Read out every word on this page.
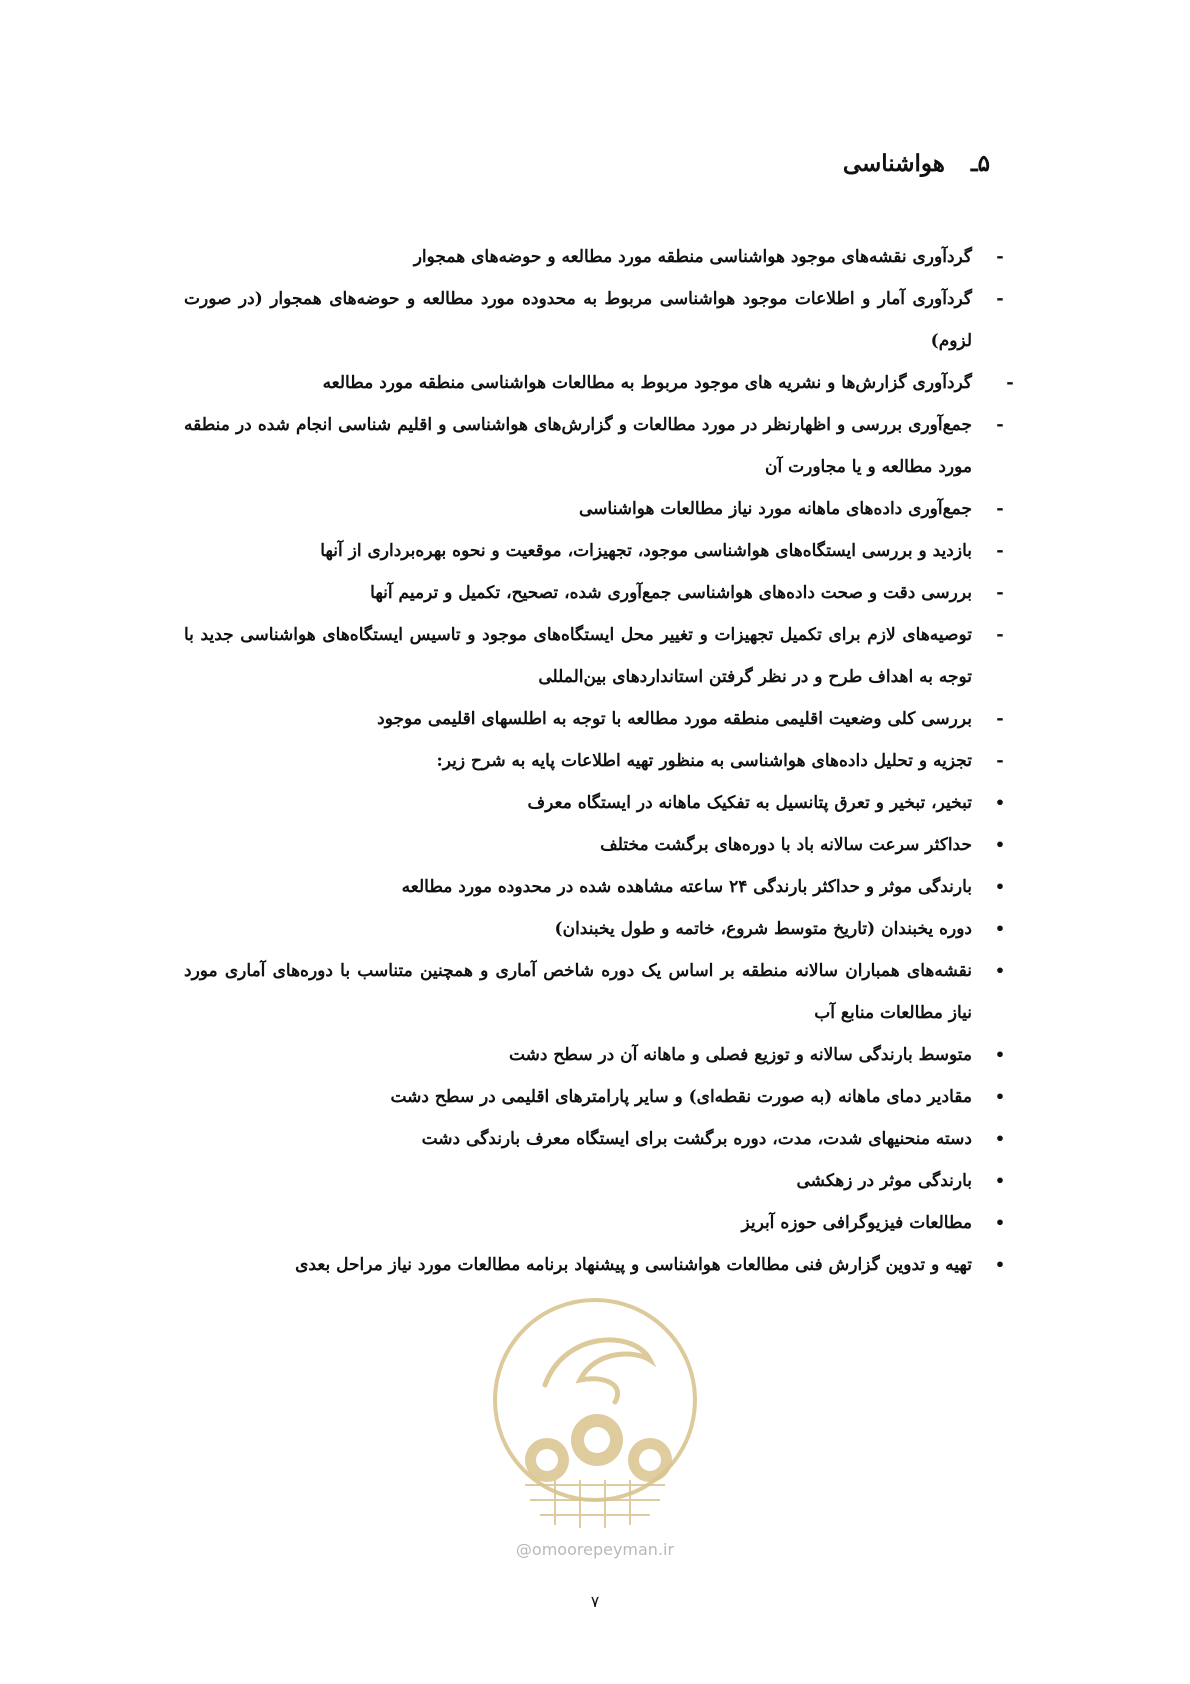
۵ـ
هواشناسی
-
گردآوری نقشه‌های موجود هواشناسی منطقه مورد مطالعه و حوضه‌های همجوار
-
گردآوری آمار و اطلاعات موجود هواشناسی مربوط به محدوده مورد مطالعه و حوضه‌های همجوار (در صورت لزوم)
-
گردآوری گزارش‌ها و نشریه های موجود مربوط به مطالعات هواشناسی منطقه مورد مطالعه
-
جمع‌آوری بررسی و اظهارنظر در مورد مطالعات و گزارش‌های هواشناسی و اقلیم شناسی انجام شده در منطقه مورد مطالعه و یا مجاورت آن
-
جمع‌آوری داده‌های ماهانه مورد نیاز مطالعات هواشناسی
-
بازدید و بررسی ایستگاه‌های هواشناسی موجود، تجهیزات، موقعیت و نحوه بهره‌برداری از آنها
-
بررسی دقت و صحت داده‌های هواشناسی جمع‌آوری شده، تصحیح، تکمیل و ترمیم آنها
-
توصیه‌های لازم برای تکمیل تجهیزات و تغییر محل ایستگاه‌های موجود و تاسیس ایستگاه‌های هواشناسی جدید با توجه به اهداف طرح و در نظر گرفتن استانداردهای بین‌المللی
-
بررسی کلی وضعیت اقلیمی منطقه مورد مطالعه با توجه به اطلسهای اقلیمی موجود
-
تجزیه و تحلیل داده‌های هواشناسی به منظور تهیه اطلاعات پایه به شرح زیر:
•
تبخیر، تبخیر و تعرق پتانسیل به تفکیک ماهانه در ایستگاه معرف
•
حداکثر سرعت سالانه باد با دوره‌های برگشت مختلف
•
بارندگی موثر و حداکثر بارندگی ۲۴ ساعته مشاهده شده در محدوده مورد مطالعه
•
دوره یخبندان (تاریخ متوسط شروع، خاتمه و طول یخبندان)
•
نقشه‌های همباران سالانه منطقه بر اساس یک دوره شاخص آماری و همچنین متناسب با دوره‌های آماری مورد نیاز مطالعات منابع آب
•
متوسط بارندگی سالانه و توزیع فصلی و ماهانه آن در سطح دشت
•
مقادیر دمای ماهانه (به صورت نقطه‌ای) و سایر پارامترهای اقلیمی در سطح دشت
•
دسته منحنیهای شدت، مدت، دوره برگشت برای ایستگاه معرف بارندگی دشت
•
بارندگی موثر در زهکشی
•
مطالعات فیزیوگرافی حوزه آبریز
•
تهیه و تدوین گزارش فنی مطالعات هواشناسی و پیشنهاد برنامه مطالعات مورد نیاز مراحل بعدی
@omoorepeyman.ir
۷
